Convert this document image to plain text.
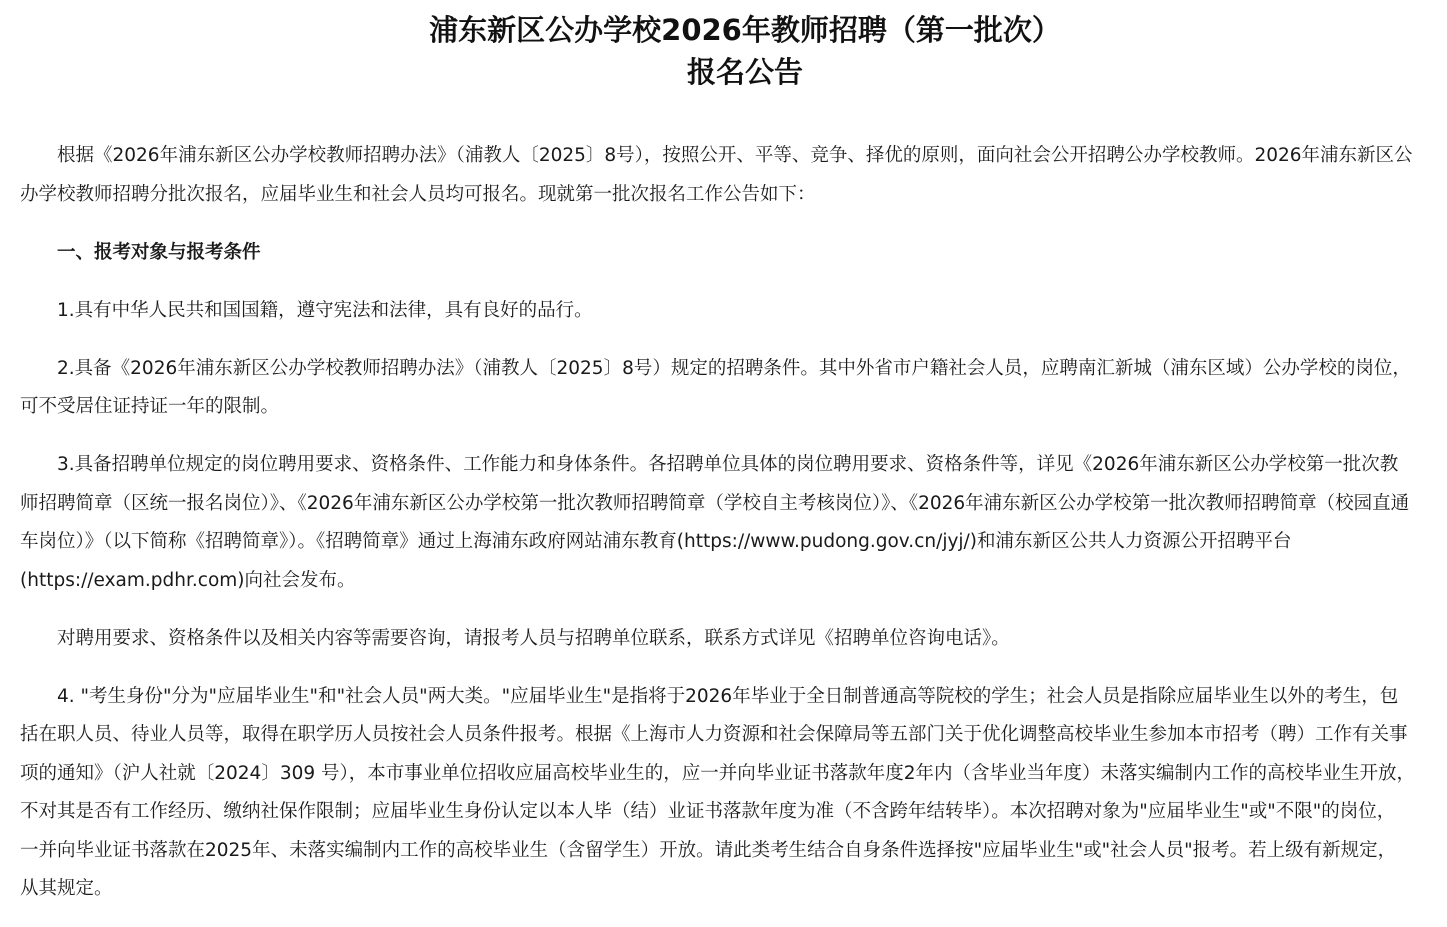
浦东新区公办学校2026年教师招聘（第一批次）
报名公告

　　根据《2026年浦东新区公办学校教师招聘办法》（浦教人〔2025〕8号），按照公开、平等、竞争、择优的原则，面向社会公开招聘公办学校教师。2026年浦东新区公

办学校教师招聘分批次报名，应届毕业生和社会人员均可报名。现就第一批次报名工作公告如下：

　　一、报考对象与报考条件

　　1.具有中华人民共和国国籍，遵守宪法和法律，具有良好的品行。

　　2.具备《2026年浦东新区公办学校教师招聘办法》（浦教人〔2025〕8号）规定的招聘条件。其中外省市户籍社会人员，应聘南汇新城（浦东区域）公办学校的岗位，

可不受居住证持证一年的限制。

　　3.具备招聘单位规定的岗位聘用要求、资格条件、工作能力和身体条件。各招聘单位具体的岗位聘用要求、资格条件等，详见《2026年浦东新区公办学校第一批次教

师招聘简章（区统一报名岗位）》、《2026年浦东新区公办学校第一批次教师招聘简章（学校自主考核岗位）》、《2026年浦东新区公办学校第一批次教师招聘简章（校园直通

车岗位）》（以下简称《招聘简章》）。《招聘简章》通过上海浦东政府网站浦东教育(https://www.pudong.gov.cn/jyj/)和浦东新区公共人力资源公开招聘平台

(https://exam.pdhr.com)向社会发布。

　　对聘用要求、资格条件以及相关内容等需要咨询，请报考人员与招聘单位联系，联系方式详见《招聘单位咨询电话》。

　　4. "考生身份"分为"应届毕业生"和"社会人员"两大类。"应届毕业生"是指将于2026年毕业于全日制普通高等院校的学生；社会人员是指除应届毕业生以外的考生，包

括在职人员、待业人员等，取得在职学历人员按社会人员条件报考。根据《上海市人力资源和社会保障局等五部门关于优化调整高校毕业生参加本市招考（聘）工作有关事

项的通知》（沪人社就〔2024〕309 号），本市事业单位招收应届高校毕业生的，应一并向毕业证书落款年度2年内（含毕业当年度）未落实编制内工作的高校毕业生开放，

不对其是否有工作经历、缴纳社保作限制；应届毕业生身份认定以本人毕（结）业证书落款年度为准（不含跨年结转毕）。本次招聘对象为"应届毕业生"或"不限"的岗位，

一并向毕业证书落款在2025年、未落实编制内工作的高校毕业生（含留学生）开放。请此类考生结合自身条件选择按"应届毕业生"或"社会人员"报考。若上级有新规定，

从其规定。
